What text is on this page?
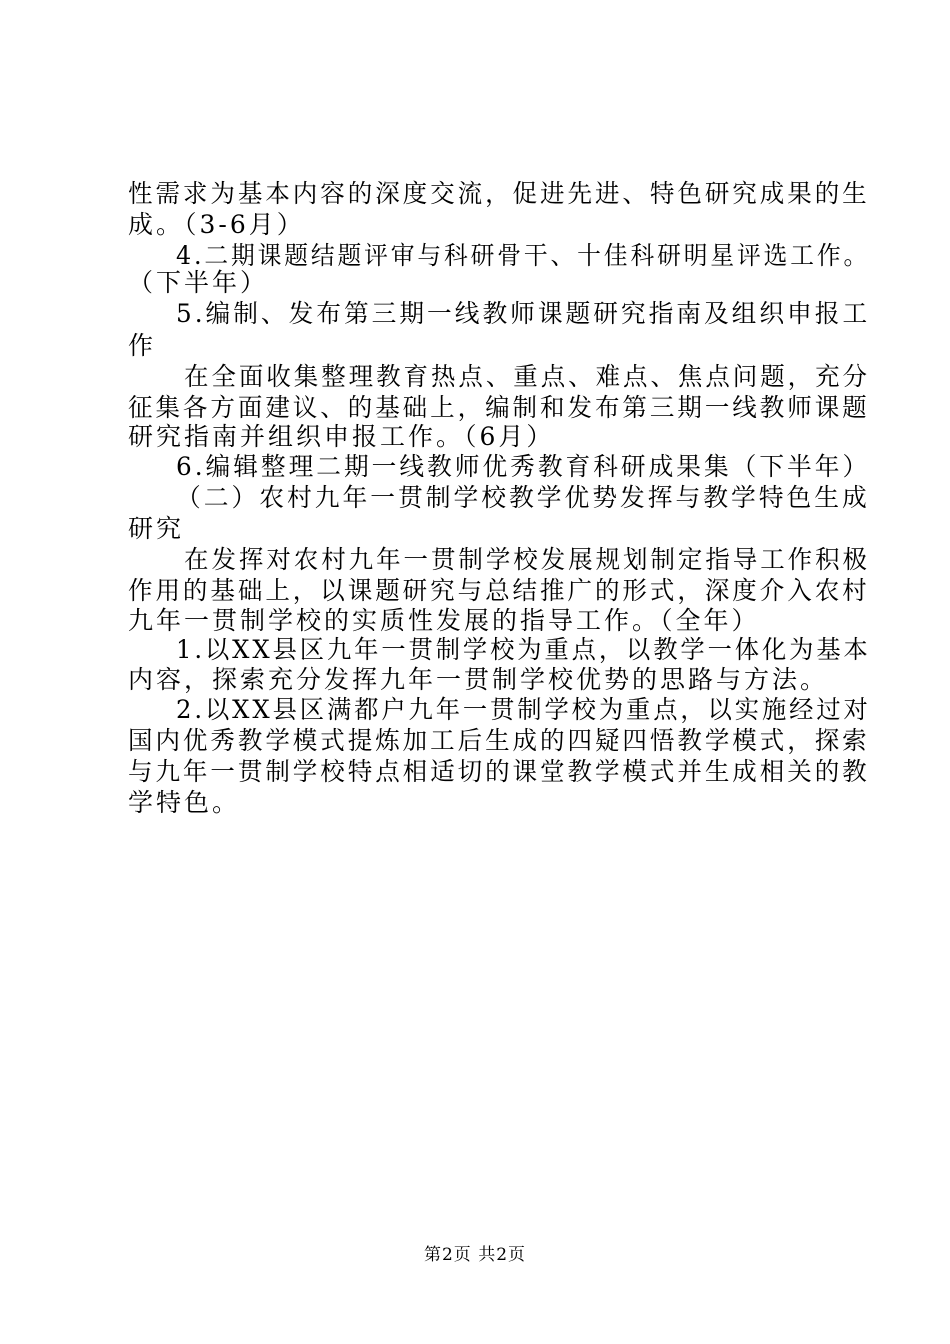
性需求为基本内容的深度交流，促进先进、特色研究成果的生
成。（3-6月）
4.二期课题结题评审与科研骨干、十佳科研明星评选工作。
（下半年）
5.编制、发布第三期一线教师课题研究指南及组织申报工
作
在全面收集整理教育热点、重点、难点、焦点问题，充分
征集各方面建议、的基础上，编制和发布第三期一线教师课题
研究指南并组织申报工作。（6月）
6.编辑整理二期一线教师优秀教育科研成果集（下半年）
（二）农村九年一贯制学校教学优势发挥与教学特色生成
研究
在发挥对农村九年一贯制学校发展规划制定指导工作积极
作用的基础上，以课题研究与总结推广的形式，深度介入农村
九年一贯制学校的实质性发展的指导工作。（全年）
1.以XX县区九年一贯制学校为重点，以教学一体化为基本
内容，探索充分发挥九年一贯制学校优势的思路与方法。
2.以XX县区满都户九年一贯制学校为重点，以实施经过对
国内优秀教学模式提炼加工后生成的四疑四悟教学模式，探索
与九年一贯制学校特点相适切的课堂教学模式并生成相关的教
学特色。
第2页 共2页
